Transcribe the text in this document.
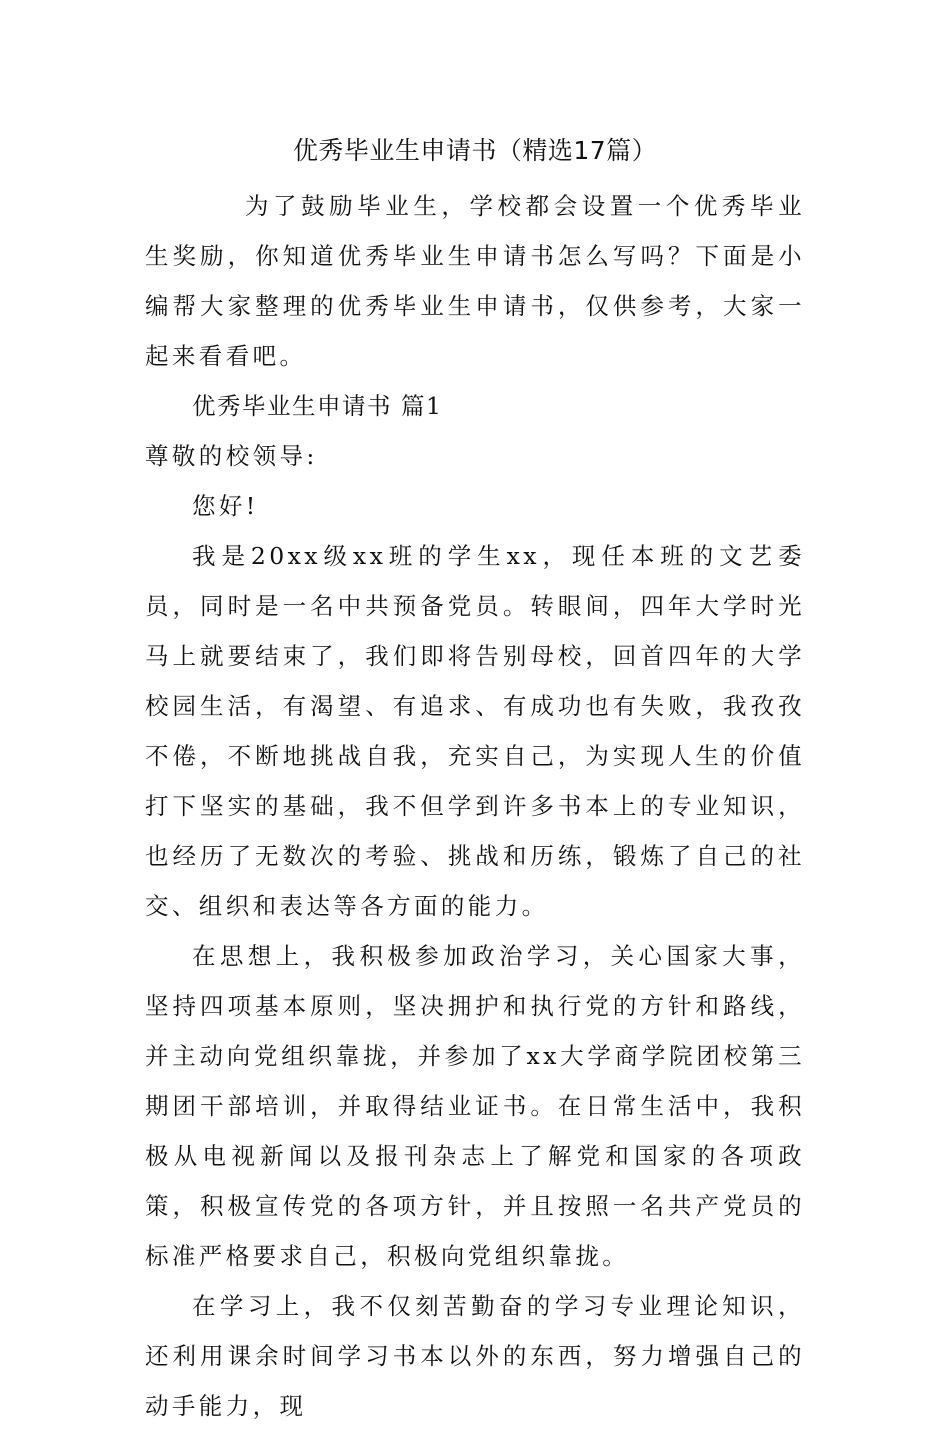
优秀毕业生申请书（精选17篇）

为了鼓励毕业生，学校都会设置一个优秀毕业生奖励，你知道优秀毕业生申请书怎么写吗？下面是小编帮大家整理的优秀毕业生申请书，仅供参考，大家一起来看看吧。

优秀毕业生申请书 篇1

尊敬的校领导:

您好!

我是20xx级xx班的学生xx，现任本班的文艺委员，同时是一名中共预备党员。转眼间，四年大学时光马上就要结束了，我们即将告别母校，回首四年的大学校园生活，有渴望、有追求、有成功也有失败，我孜孜不倦，不断地挑战自我，充实自己，为实现人生的价值打下坚实的基础，我不但学到许多书本上的专业知识，也经历了无数次的考验、挑战和历练，锻炼了自己的社交、组织和表达等各方面的能力。

在思想上，我积极参加政治学习，关心国家大事，坚持四项基本原则，坚决拥护和执行党的方针和路线，并主动向党组织靠拢，并参加了xx大学商学院团校第三期团干部培训，并取得结业证书。在日常生活中，我积极从电视新闻以及报刊杂志上了解党和国家的各项政策，积极宣传党的各项方针，并且按照一名共产党员的标准严格要求自己，积极向党组织靠拢。

在学习上，我不仅刻苦勤奋的学习专业理论知识，还利用课余时间学习书本以外的东西，努力增强自己的动手能力，现
